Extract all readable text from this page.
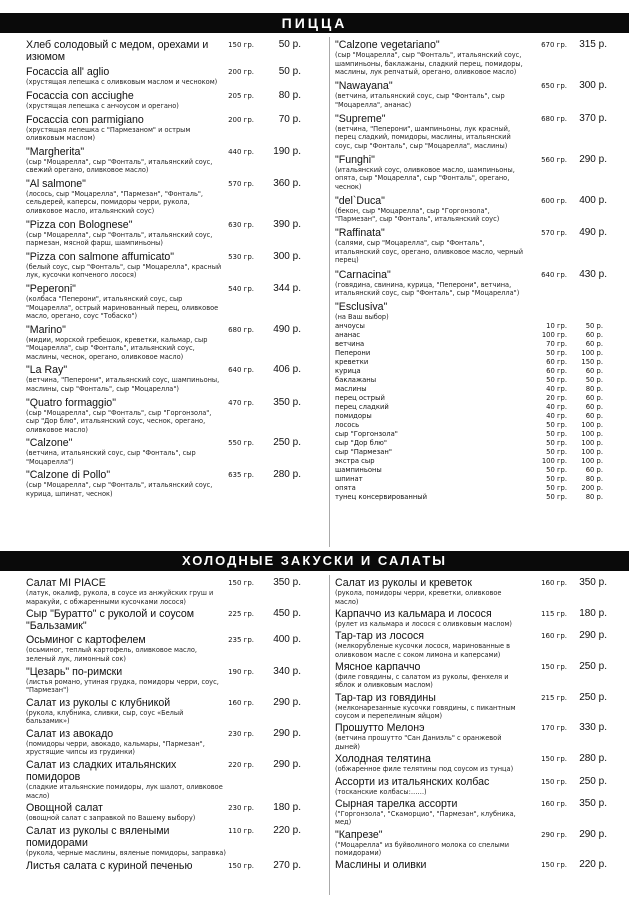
ПИЦЦА
Хлеб солодовый с медом, орехами и изюмом
150 гр.	50 р.
Focaccia all' aglio
(хрустящая лепешка с оливковым маслом и чесноком)
200 гр.	50 р.
Focaccia con acciughe
(хрустящая лепешка с анчоусом и орегано)
205 гр.	80 р.
Focaccia con parmigiano
(хрустящая лепешка с "Пармезаном" и острым оливковым маслом)
200 гр.	70 р.
"Margherita"
(сыр "Моцарелла", сыр "Фонталь", итальянский соус, свежий орегано, оливковое масло)
440 гр.	190 р.
"Al salmone"
(лосось, сыр "Моцарелла", "Пармезан", "Фонталь", сельдерей, каперсы, помидоры черри, рукола, оливковое масло, итальянский соус)
570 гр.	360 р.
"Pizza con Bolognese"
(сыр "Моцарелла", сыр "Фонталь", итальянский соус, пармезан, мясной фарш, шампиньоны)
630 гр.	390 р.
"Pizza con salmone affumicato"
(белый соус, сыр "Фонталь", сыр "Моцарелла", красный лук, кусочки копченого лосося)
530 гр.	300 р.
"Peperoni"
(колбаса "Пеперони", итальянский соус, сыр "Моцарелла", острый маринованный перец, оливковое масло, орегано, соус "Тобаско")
540 гр.	344 р.
"Marino"
(мидии, морской гребешок, креветки, кальмар, сыр "Моцарелла", сыр "Фонталь", итальянский соус, маслины, чеснок, орегано, оливковое масло)
680 гр.	490 р.
"La Ray"
(ветчина, "Пеперони", итальянский соус, шампиньоны, маслины, сыр "Фонталь", сыр "Моцарелла")
640 гр.	406 р.
"Quatro formaggio"
(сыр "Моцарелла", сыр "Фонталь", сыр "Горгонзола", сыр "Дор блю", итальянский соус, чеснок, орегано, оливковое масло)
470 гр.	350 р.
"Calzone"
(ветчина, итальянский соус, сыр "Фонталь", сыр "Моцарелла")
550 гр.	250 р.
"Calzone di Pollo"
(сыр "Моцарелла", сыр "Фонталь", итальянский соус, курица, шпинат, чеснок)
635 гр.	280 р.
"Calzone vegetariano"
(сыр "Моцарелла", сыр "Фонталь", итальянский соус, шампиньоны, баклажаны, сладкий перец, помидоры, маслины, лук репчатый, орегано, оливковое масло)
670 гр.	315 р.
"Nawayana"
(ветчина, итальянский соус, сыр "Фонталь", сыр "Моцарелла", ананас)
650 гр.	300 р.
"Supreme"
(ветчина, "Пеперони", шампиньоны, лук красный, перец сладкий, помидоры, маслины, итальянский соус, сыр "Фонталь", сыр "Моцарелла", маслины)
680 гр.	370 р.
"Funghi"
(итальянский соус, оливковое масло, шампиньоны, опята, сыр "Моцарелла", сыр "Фонталь", орегано, чеснок)
560 гр.	290 р.
"del`Duca"
(бекон, сыр "Моцарелла", сыр "Горгонзола", "Пармезан", сыр "Фонталь", итальянский соус)
600 гр.	400 р.
"Raffinata"
(салями, сыр "Моцарелла", сыр "Фонталь", итальянский соус, орегано, оливковое масло, черный перец)
570 гр.	490 р.
"Carnacina"
(говядина, свинина, курица, "Пеперони", ветчина, итальянский соус, сыр "Фонталь", сыр "Моцарелла")
640 гр.	430 р.
"Esclusiva"
(на Ваш выбор)
анчоусы	10 гр.	50 р.
ананас	100 гр.	60 р.
ветчина	70 гр.	60 р.
Пеперони	50 гр.	100 р.
креветки	60 гр.	150 р.
курица	60 гр.	60 р.
баклажаны	50 гр.	50 р.
маслины	40 гр.	80 р.
перец острый	20 гр.	60 р.
перец сладкий	40 гр.	60 р.
помидоры	40 гр.	60 р.
лосось	50 гр.	100 р.
сыр "Горгонзола"	50 гр.	100 р.
сыр "Дор блю"	50 гр.	100 р.
сыр "Пармезан"	50 гр.	100 р.
экстра сыр	100 гр.	100 р.
шампиньоны	50 гр.	60 р.
шпинат	50 гр.	80 р.
опята	50 гр.	200 р.
тунец консервированный	50 гр.	80 р.
ХОЛОДНЫЕ ЗАКУСКИ И САЛАТЫ
Салат MI PIACE
(латук, окалиф, рукола, в соусе из анжуйских груш и маракуйи, с обжаренными кусочками лосося)
150 гр.	350 р.
Сыр "Буратто" с руколой и соусом "Бальзамик"
225 гр.	450 р.
Осьминог с картофелем
(осьминог, теплый картофель, оливковое масло, зеленый лук, лимонный сок)
235 гр.	400 р.
"Цезарь" по-римски
(листья романо, утиная грудка, помидоры черри, соус, "Пармезан")
190 гр.	340 р.
Салат из руколы с клубникой
(рукола, клубника, сливки, сыр, соус «Белый бальзамик»)
160 гр.	290 р.
Салат из авокадо
(помидоры черри, авокадо, кальмары, "Пармезан", хрустящие чипсы из грудинки)
230 гр.	290 р.
Салат из сладких итальянских помидоров
(сладкие итальянские помидоры, лук шалот, оливковое масло)
220 гр.	290 р.
Овощной салат
(овощной салат с заправкой по Вашему выбору)
230 гр.	180 р.
Салат из руколы с вялеными помидорами
(рукола, черные маслины, вяленые помидоры, заправка)
110 гр.	220 р.
Листья салата с куриной печенью	150 гр.	270 р.
Салат из руколы и креветок
(рукола, помидоры черри, креветки, оливковое масло)
160 гр.	350 р.
Карпаччо из кальмара и лосося
(рулет из кальмара и лосося с оливковым маслом)
115 гр.	180 р.
Тар-тар из лосося
(мелкорубленые кусочки лосося, маринованные в оливковом масле с соком лимона и каперсами)
160 гр.	290 р.
Мясное карпаччо
(филе говядины, с салатом из руколы, фенхеля и яблок и оливковым маслом)
150 гр.	250 р.
Тар-тар из говядины
(мелконарезанные кусочки говядины, с пикантным соусом и перепелиным яйцом)
215 гр.	250 р.
Прошутто Мелонэ
(ветчина прошутто "Сан Даниэль" с оранжевой дыней)
170 гр.	330 р.
Холодная телятина
(обжаренное филе телятины под соусом из тунца)
150 гр.	280 р.
Ассорти из итальянских колбас
(тосканские колбасы:……)
150 гр.	250 р.
Сырная тарелка ассорти
("Горгонзола", "Скаморцио", "Пармезан", клубника, мед)
160 гр.	350 р.
"Капрезе"
("Моцарелла" из буйволиного молока со спелыми помидорами)
290 гр.	290 р.
Маслины и оливки	150 гр.	220 р.
